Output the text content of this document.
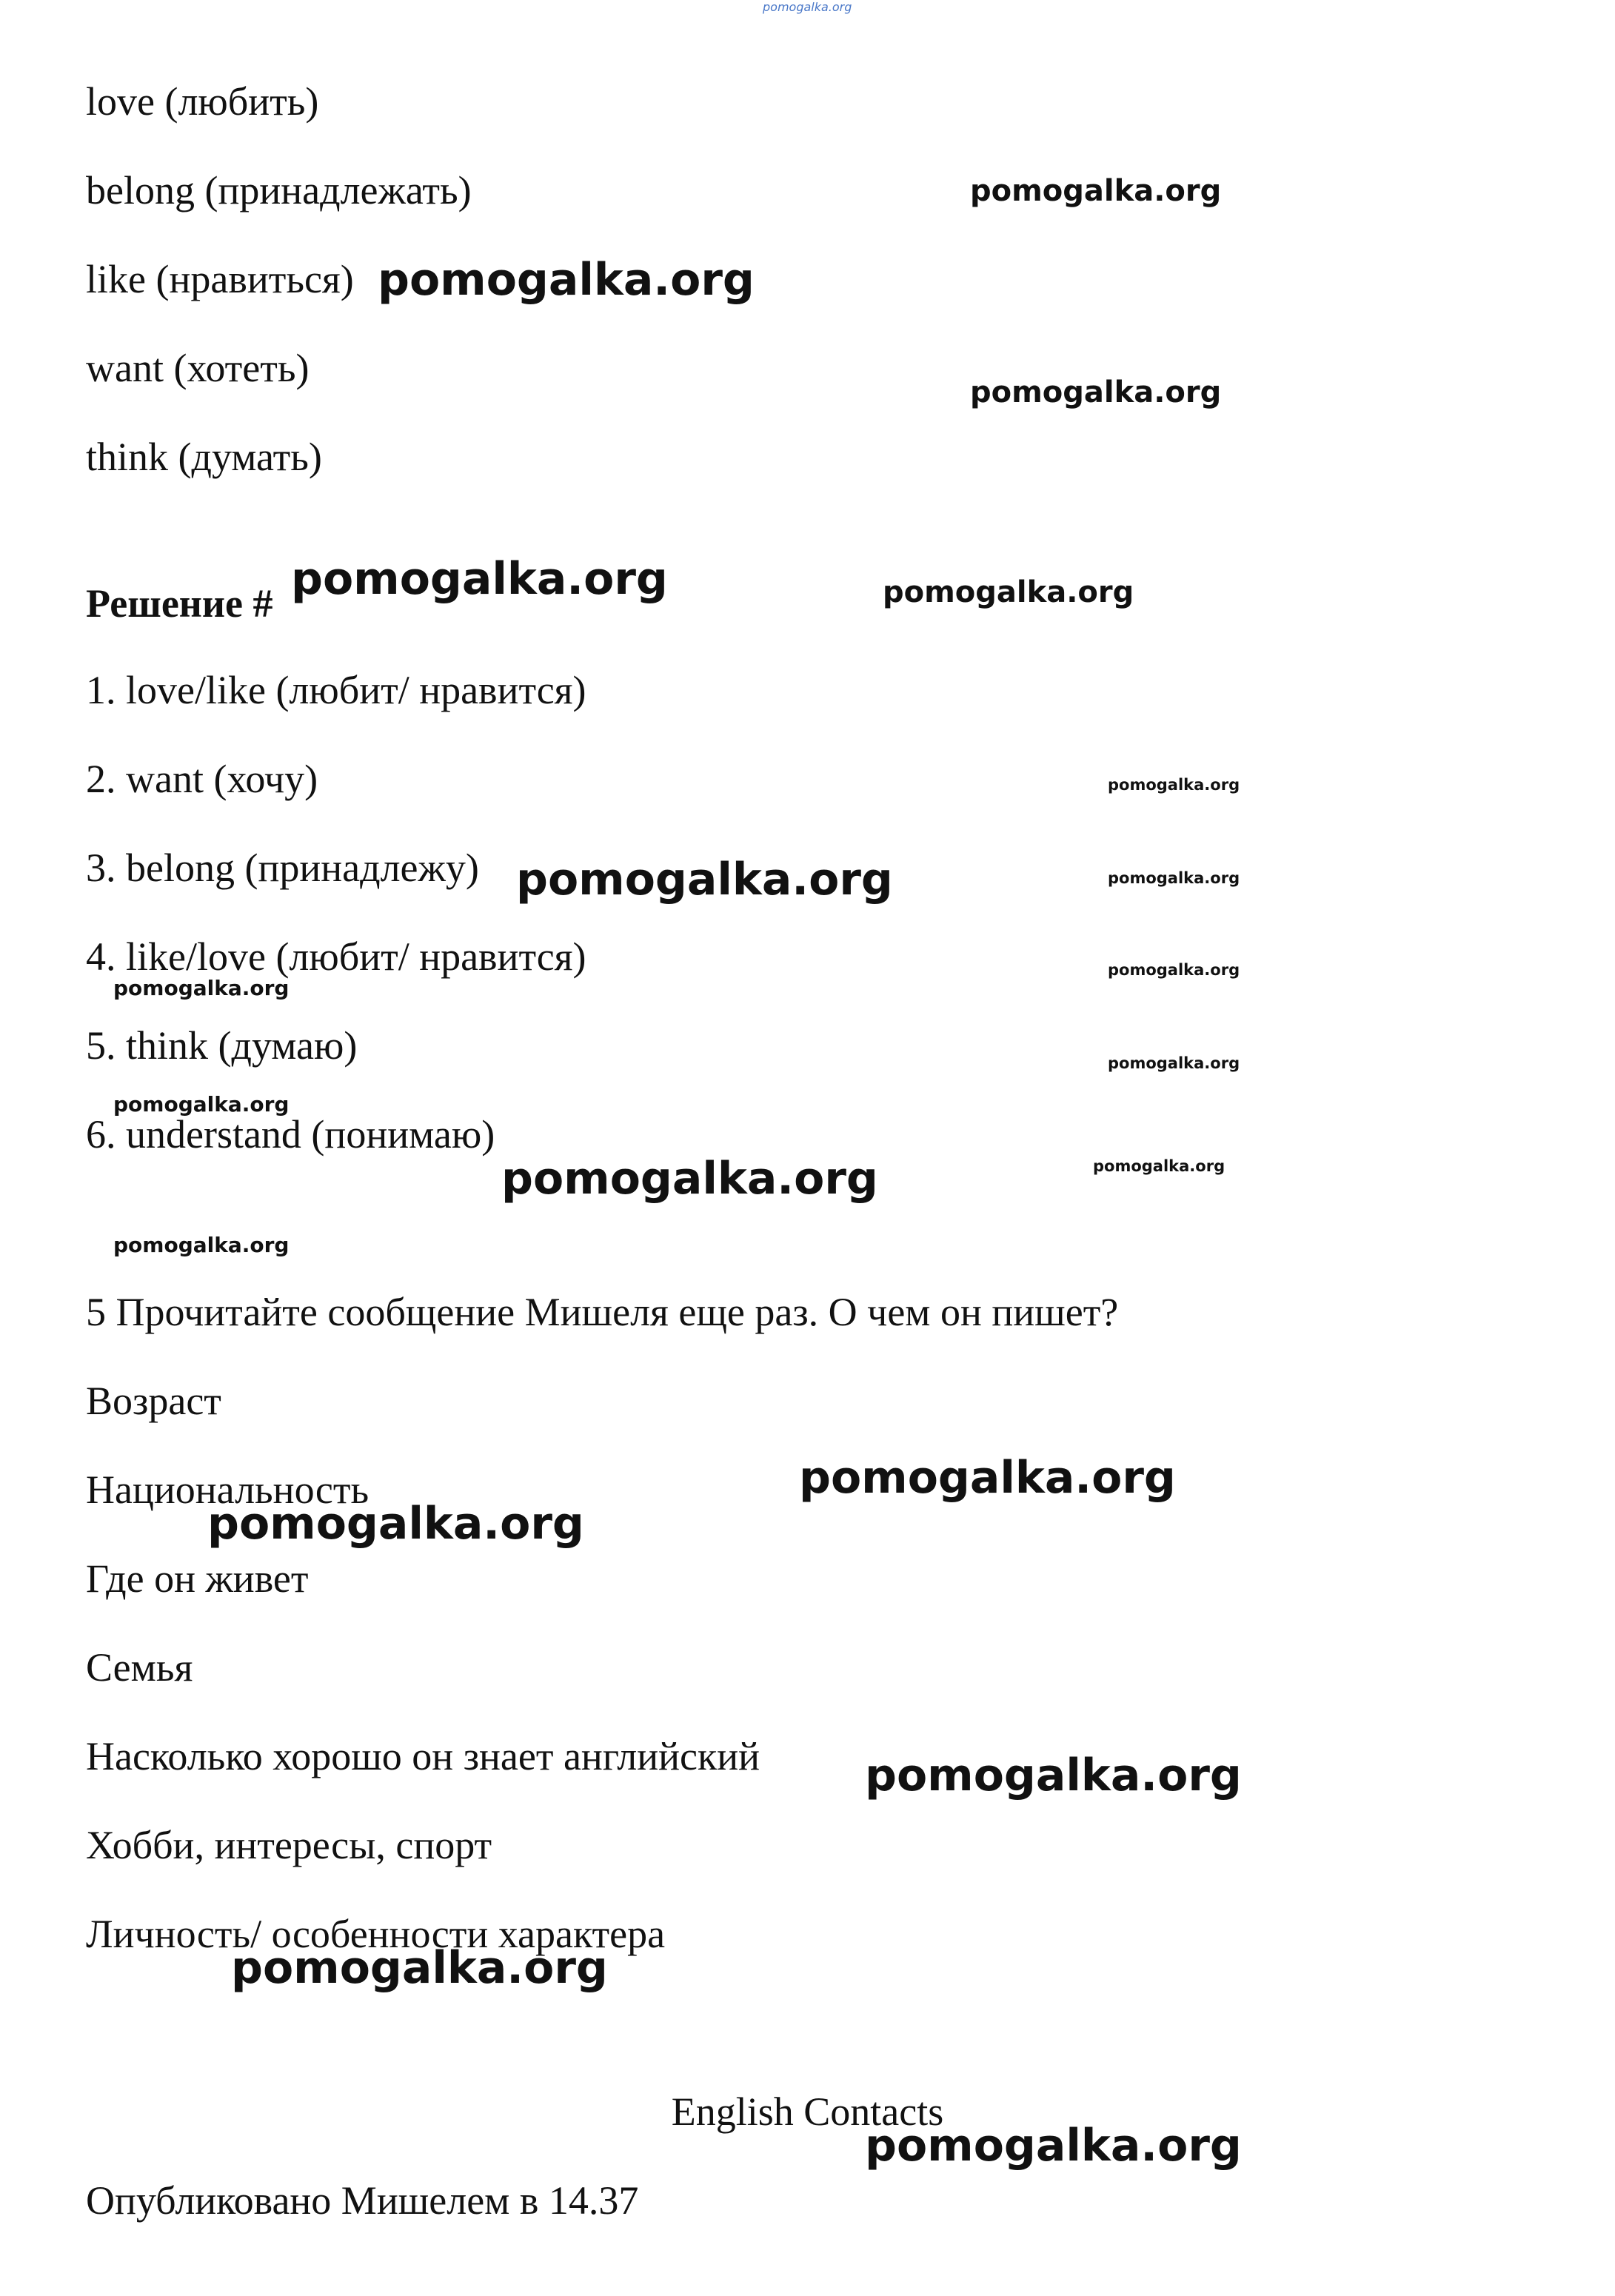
pomogalka.org
love (любить)
belong (принадлежать)
like (нравиться)
want (хотеть)
think (думать)
Решение #
1. love/like (любит/ нравится)
2. want (хочу)
3. belong (принадлежу)
4. like/love (любит/ нравится)
5. think (думаю)
6. understand (понимаю)
5 Прочитайте сообщение Мишеля еще раз. О чем он пишет?
Возраст
Национальность
Где он живет
Семья
Насколько хорошо он знает английский
Хобби, интересы, спорт
Личность/ особенности характера
English Contacts
Опубликовано Мишелем в 14.37
pomogalka.org
pomogalka.org
pomogalka.org
pomogalka.org	pomogalka.org
pomogalka.org
pomogalka.org	pomogalka.org
pomogalka.org
pomogalka.org
pomogalka.org
pomogalka.org
pomogalka.org
pomogalka.org
pomogalka.org
pomogalka.org
pomogalka.org
pomogalka.org
pomogalka.org
pomogalka.org
